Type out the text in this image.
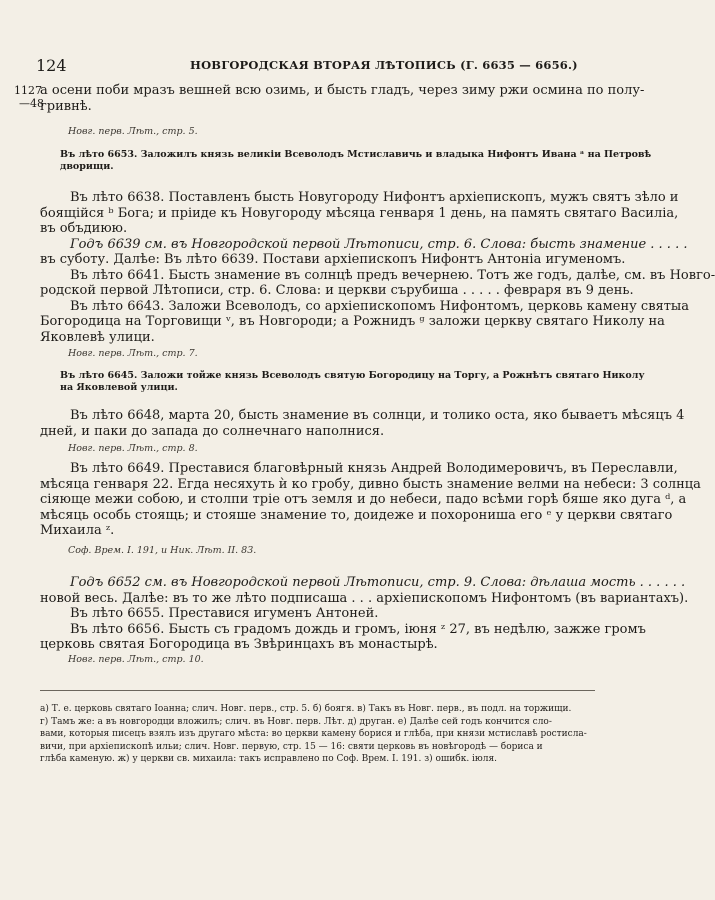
124	НОВГОРОДСКАЯ ВТОРАЯ ЛѢТОПИСЬ (Г. 6635 — 6656.)
1127
—48
а осени поби мразъ вешней всю озимь, и бысть гладъ, через зиму ржи осмина по полу-
гривнѣ.
Новг. перв. Лѣт., стр. 5.
Въ лѣто 6653. Заложилъ князь великiи Всеволодъ Мстиславичь и владыка Нифонтъ Ивана ᵃ на Петровѣ
дворищи.
Въ лѣто 6638. Поставленъ бысть Новугороду Нифонтъ архiепископъ, мужъ святъ зѣло и
боящiйся ᵇ Бога; и прiиде къ Новугороду мѣсяца генваря 1 день, на память святаго Василiа,
въ объдиюю.
Годъ 6639 см. въ Новгородской первой Лѣтописи, стр. 6. Слова: бысть знамение . . . . .
въ суботу. Далѣе: Въ лѣто 6639. Постави архiепископъ Нифонтъ Антонiа игуменомъ.
Въ лѣто 6641. Бысть знамение въ солнцѣ предъ вечернею. Тотъ же годъ, далѣе, см. въ Новго-
родской первой Лѣтописи, стр. 6. Слова: и церкви сърубиша . . . . . февраря въ 9 день.
Въ лѣто 6643. Заложи Всеволодъ, со архiепископомъ Нифонтомъ, церковь камену святыа
Богородица на Торговищи ᵛ, въ Новгороди; а Рожнидъ ᵍ заложи церкву святаго Николу на
Яковлевѣ улици.
Новг. перв. Лѣт., стр. 7.
Въ лѣто 6645. Заложи тойже князь Всеволодъ святую Богородицу на Торгу, а Рожнѣтъ святаго Николу
на Яковлевой улици.
Въ лѣто 6648, марта 20, бысть знамение въ солнци, и толико оста, яко бываетъ мѣсяцъ 4
дней, и паки до запада до солнечнаго наполнися.
Новг. перв. Лѣт., стр. 8.
Въ лѣто 6649. Преставися благовѣрный князь Андрей Володимеровичъ, въ Переславли,
мѣсяца генваря 22. Егда несяхуть ѝ ко гробу, дивно бысть знамение велми на небеси: 3 солнца
сiяюще межи собою, и столпи трiе отъ земля и до небеси, падо всѣми горѣ бяше яко дуга ᵈ, а
мѣсяць особь стоящь; и стояше знамение то, доидеже и похорониша его ᵉ у церкви святаго
Михаила ᶻ.
Соф. Врем. I. 191, и Ник. Лѣт. II. 83.
Годъ 6652 см. въ Новгородской первой Лѣтописи, стр. 9. Слова: дѣлаша мость . . . . . .
новой весь. Далѣе: въ то же лѣто подписаша . . . архiепископомъ Нифонтомъ (въ вариантахъ).
Въ лѣто 6655. Преставися игуменъ Антоней.
Въ лѣто 6656. Бысть съ градомъ дождь и громъ, iюня ᶻ 27, въ недѣлю, зажже громъ
церковь святая Богородица въ Звѣринцахъ въ монастырѣ.
Новг. перв. Лѣт., стр. 10.
а) Т. е. церковь святаго Iоанна; слич. Новг. перв., стр. 5. б) боягя. в) Такъ въ Новг. перв., въ подл. на торжищи.
г) Тамъ же: а въ новгородци вложилъ; слич. въ Новг. перв. Лѣт. д) друган. е) Далѣе сей годъ кончится сло-
вами, которыя писецъ взялъ изъ другаго мѣста: во церкви камену борися и глѣба, при князи мстиславѣ ростисла-
вичи, при архiепископѣ ильи; слич. Новг. первую, стр. 15 — 16: святи церковь въ новѣгородѣ — бориса и
глѣба каменую. ж) у церкви св. михаила: такъ исправлено по Соф. Врем. I. 191. з) ошибк. iюля.
